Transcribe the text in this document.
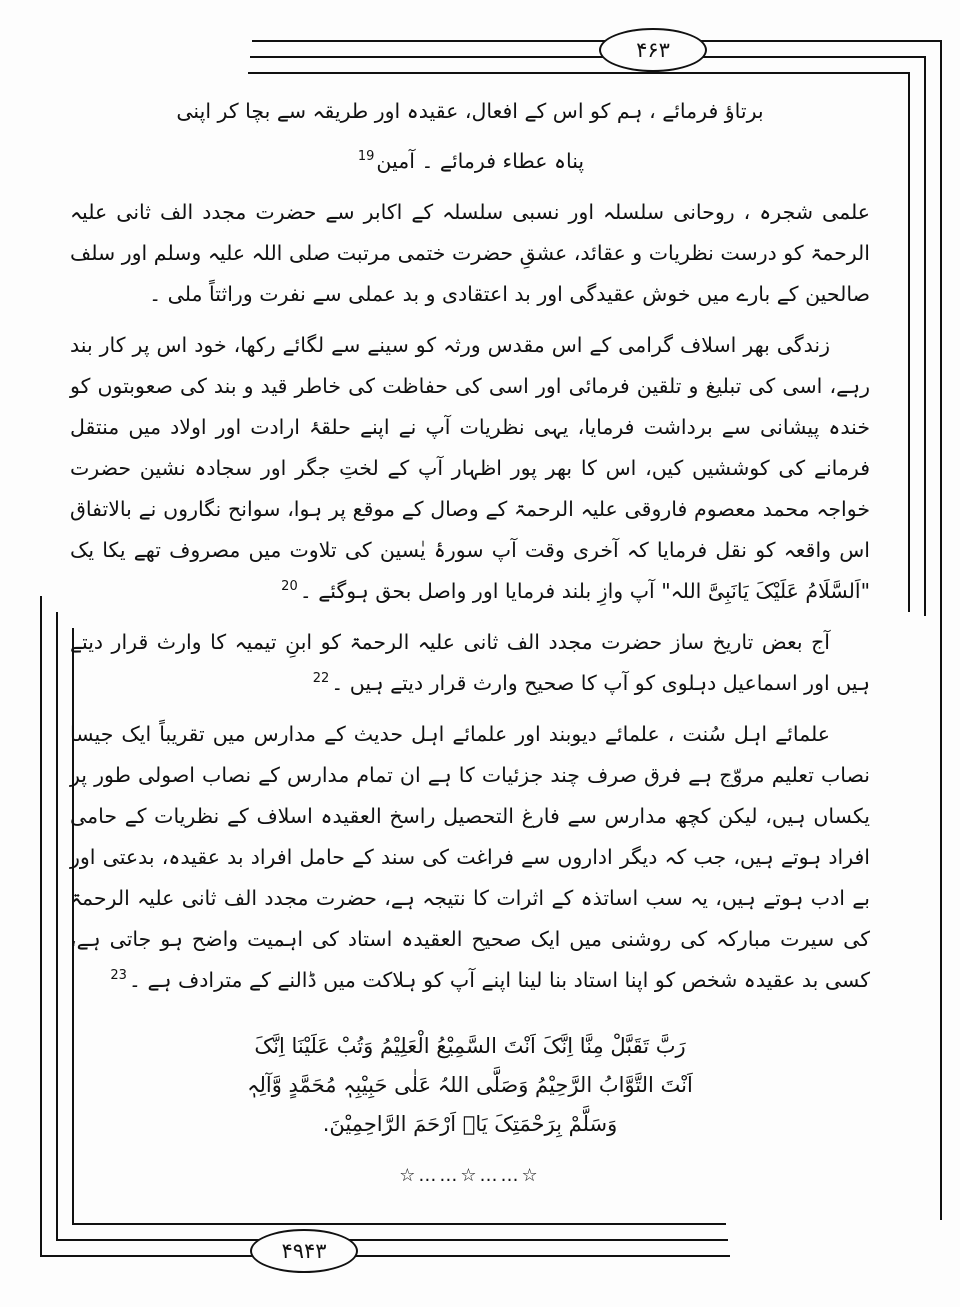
۴۶۳
۴۹۴۳

برتاؤ فرمائے ، ہم کو اس کے افعال، عقیدہ اور طریقہ سے بچا کر اپنی

پناہ عطاء فرمائے ۔ آمین$^{19}$

علمی شجرہ ، روحانی سلسلہ اور نسبی سلسلہ کے اکابر سے حضرت مجدد الف ثانی علیہ الرحمۃ کو درست نظریات و عقائد، عشقِ حضرت ختمی مرتبت صلی اللہ علیہ وسلم اور سلف صالحین کے بارے میں خوش عقیدگی اور بد اعتقادی و بد عملی سے نفرت وراثتاً ملی ۔

زندگی بھر اسلاف گرامی کے اس مقدس ورثہ کو سینے سے لگائے رکھا، خود اس پر کار بند رہے، اسی کی تبلیغ و تلقین فرمائی اور اسی کی حفاظت کی خاطر قید و بند کی صعوبتوں کو خندہ پیشانی سے برداشت فرمایا، یہی نظریات آپ نے اپنے حلقۂ ارادت اور اولاد میں منتقل فرمانے کی کوششیں کیں، اس کا بھر پور اظہار آپ کے لختِ جگر اور سجادہ نشین حضرت خواجہ محمد معصوم فاروقی علیہ الرحمۃ کے وصال کے موقع پر ہوا، سوانح نگاروں نے بالاتفاق اس واقعہ کو نقل فرمایا کہ آخری وقت آپ سورۂ یٰسین کی تلاوت میں مصروف تھے یکا یک "اَلسَّلَامُ عَلَیْکَ یَانَبِیَّ اللہ" آپ وازِ بلند فرمایا اور واصل بحق ہوگئے ۔$^{20}$

آج بعض تاریخ ساز حضرت مجدد الف ثانی علیہ الرحمۃ کو ابنِ تیمیہ کا وارث قرار دیتے ہیں اور اسماعیل دہلوی کو آپ کا صحیح وارث قرار دیتے ہیں ۔$^{22}$

علمائے اہل سُنت ، علمائے دیوبند اور علمائے اہل حدیث کے مدارس میں تقریباً ایک جیسا نصاب تعلیم مروّج ہے فرق صرف چند جزئیات کا ہے ان تمام مدارس کے نصاب اصولی طور پر یکساں ہیں، لیکن کچھ مدارس سے فارغ التحصیل راسخ العقیدہ اسلاف کے نظریات کے حامی افراد ہوتے ہیں، جب کہ دیگر اداروں سے فراغت کی سند کے حامل افراد بد عقیدہ، بدعتی اور بے ادب ہوتے ہیں، یہ سب اساتذہ کے اثرات کا نتیجہ ہے، حضرت مجدد الف ثانی علیہ الرحمۃ کی سیرت مبارکہ کی روشنی میں ایک صحیح العقیدہ استاد کی اہمیت واضح ہو جاتی ہے، کسی بد عقیدہ شخص کو اپنا استاد بنا لینا اپنے آپ کو ہلاکت میں ڈالنے کے مترادف ہے ۔$^{23}$

رَبَّ تَقَبَّلْ مِنَّا اِنَّکَ اَنْتَ السَّمِیْعُ الْعَلِیْمُ وَتُبْ عَلَیْنَا اِنَّکَ
اَنْتَ التَّوَّابُ الرَّحِیْمُ وَصَلَّی اللہُ عَلٰی حَبِیْبِہٖ مُحَمَّدٍ وَّآلِہٖ
وَسَلَّمْ بِرَحْمَتِکَ یَاۤ اَرْحَمَ الرَّاحِمِیْنَ.
☆……☆……☆
